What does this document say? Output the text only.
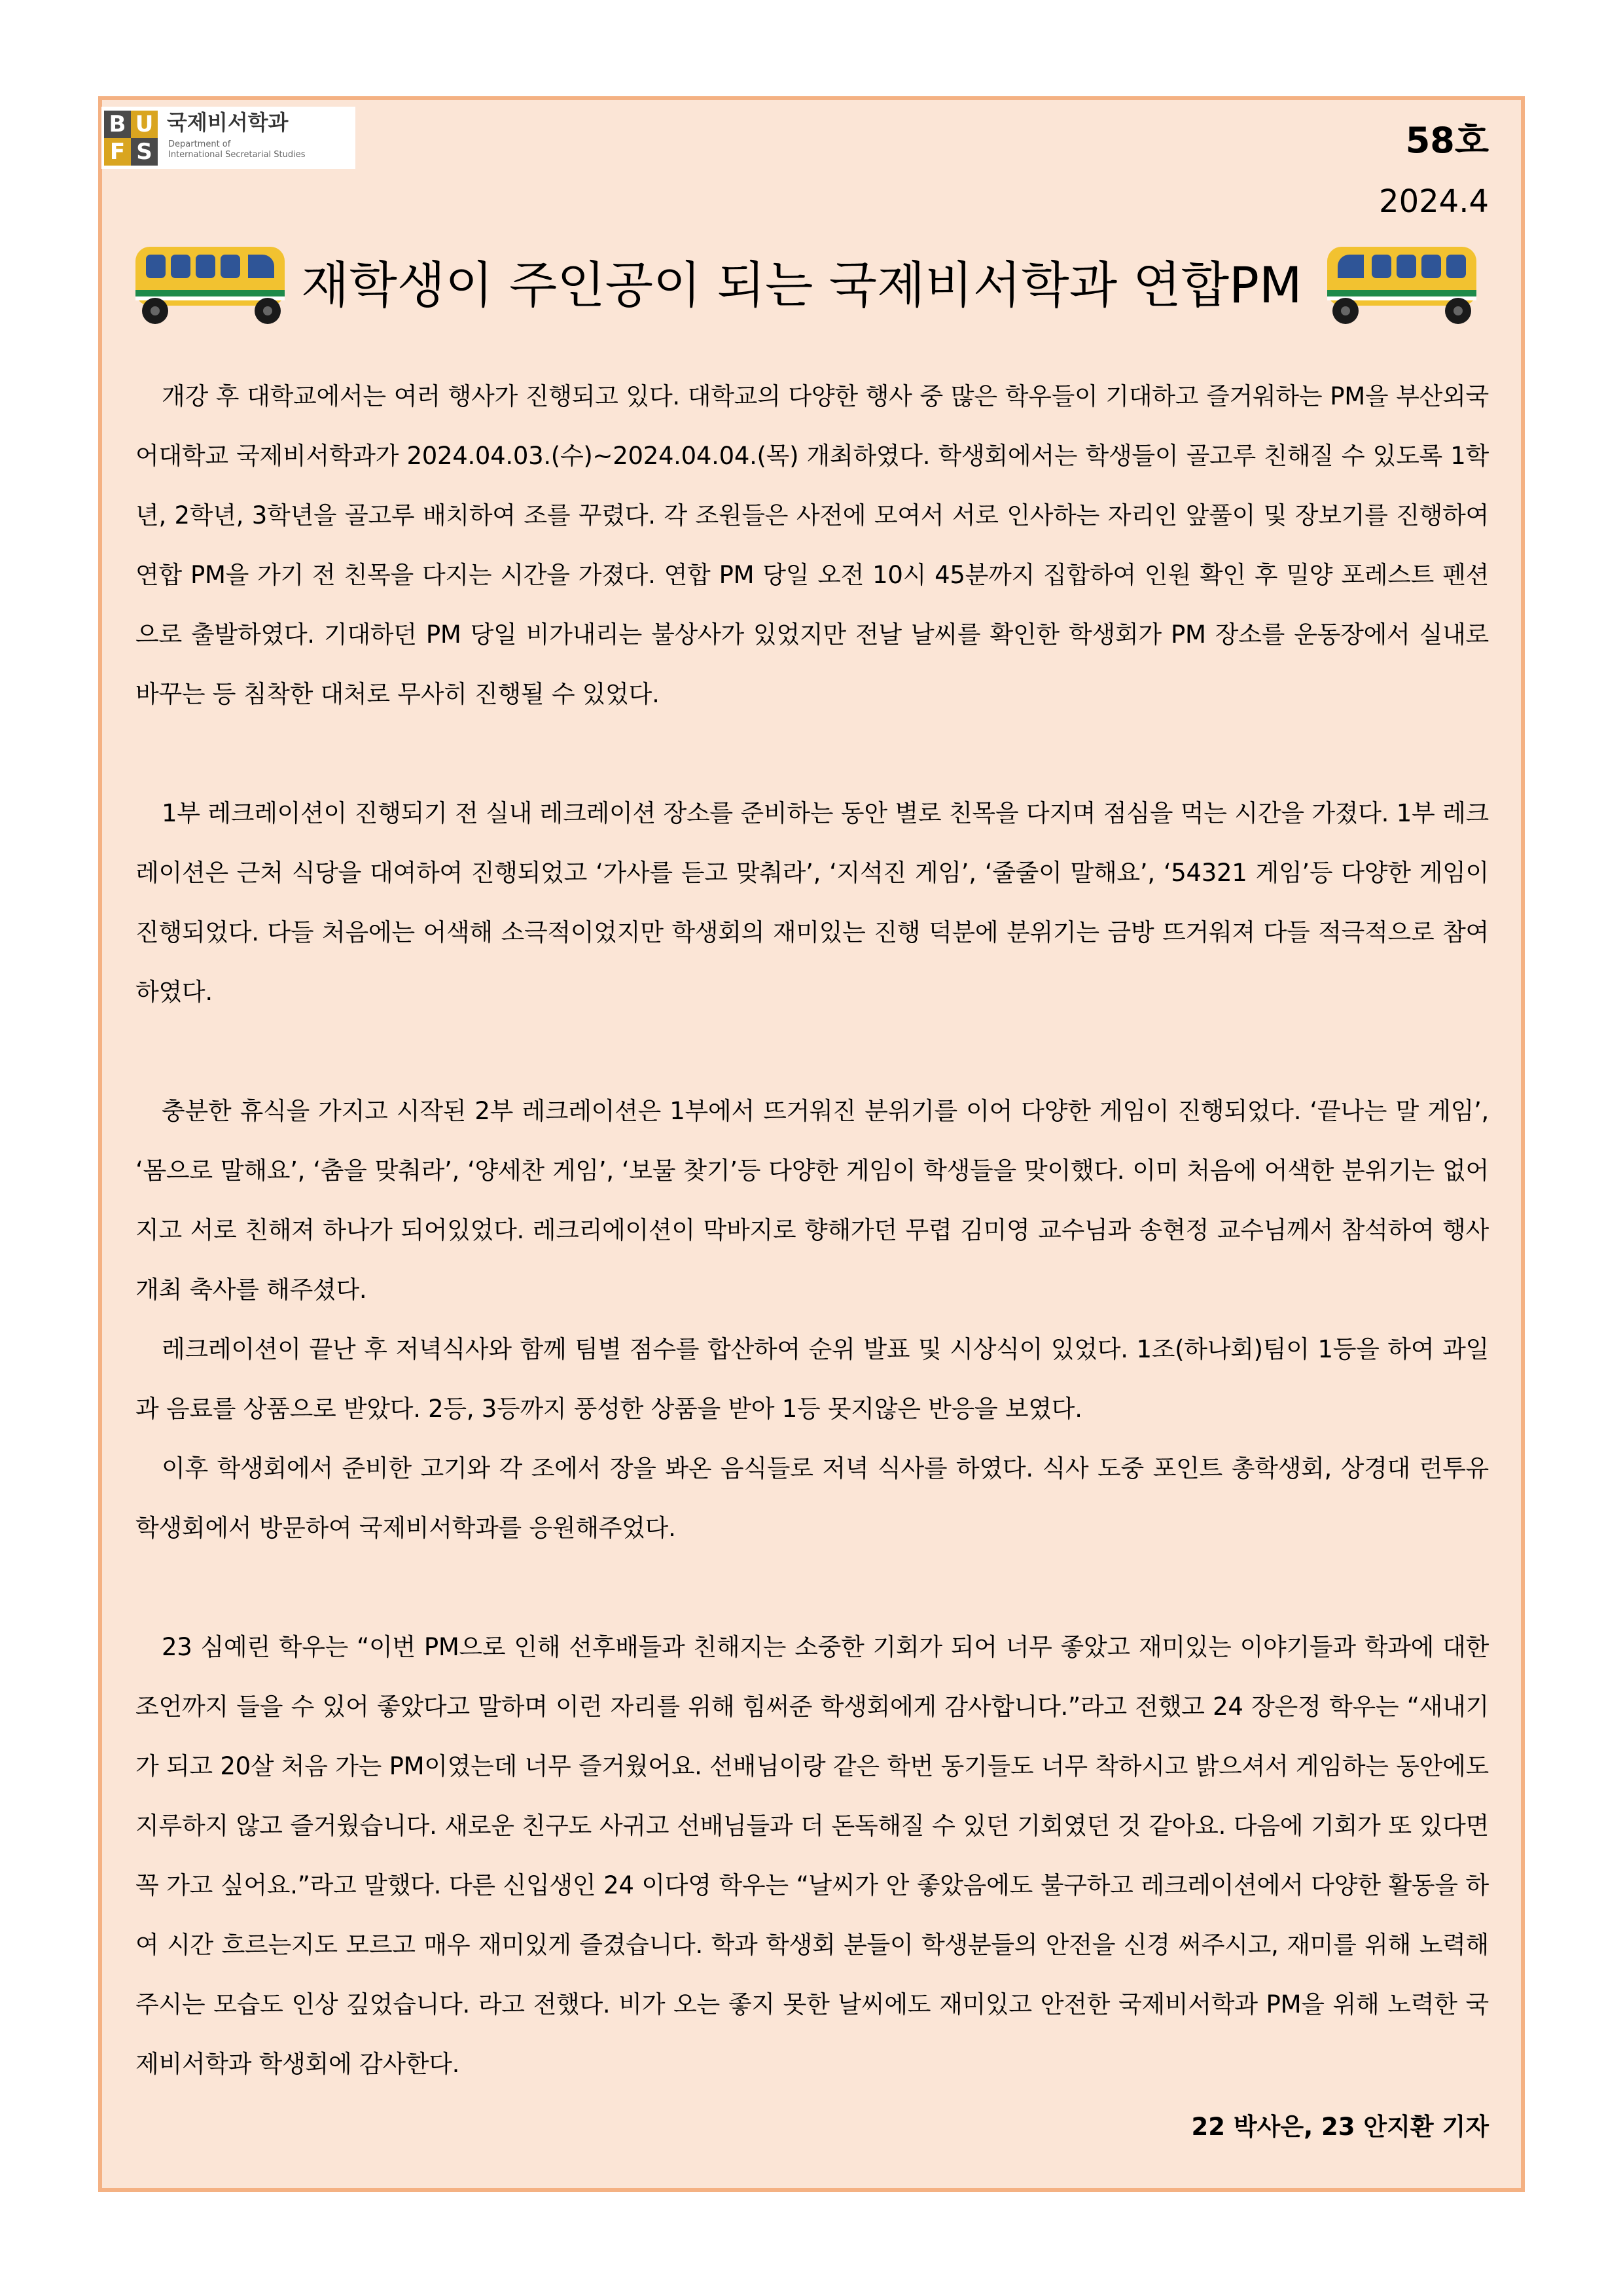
B U
F S
국제비서학과
Department of
International Secretarial Studies	58호
2024.4
재학생이 주인공이 되는 국제비서학과 연합PM

개강 후 대학교에서는 여러 행사가 진행되고 있다. 대학교의 다양한 행사 중 많은 학우들이 기대하고 즐거워하는 PM을 부산외국어대학교 국제비서학과가 2024.04.03.(수)~2024.04.04.(목) 개최하였다. 학생회에서는 학생들이 골고루 친해질 수 있도록 1학년, 2학년, 3학년을 골고루 배치하여 조를 꾸렸다. 각 조원들은 사전에 모여서 서로 인사하는 자리인 앞풀이 및 장보기를 진행하여 연합 PM을 가기 전 친목을 다지는 시간을 가졌다. 연합 PM 당일 오전 10시 45분까지 집합하여 인원 확인 후 밀양 포레스트 펜션으로 출발하였다. 기대하던 PM 당일 비가내리는 불상사가 있었지만 전날 날씨를 확인한 학생회가 PM 장소를 운동장에서 실내로 바꾸는 등 침착한 대처로 무사히 진행될 수 있었다.

1부 레크레이션이 진행되기 전 실내 레크레이션 장소를 준비하는 동안 별로 친목을 다지며 점심을 먹는 시간을 가졌다. 1부 레크레이션은 근처 식당을 대여하여 진행되었고 ‘가사를 듣고 맞춰라’, ‘지석진 게임’, ‘줄줄이 말해요’, ‘54321 게임’등 다양한 게임이 진행되었다. 다들 처음에는 어색해 소극적이었지만 학생회의 재미있는 진행 덕분에 분위기는 금방 뜨거워져 다들 적극적으로 참여하였다.

충분한 휴식을 가지고 시작된 2부 레크레이션은 1부에서 뜨거워진 분위기를 이어 다양한 게임이 진행되었다. ‘끝나는 말 게임’, ‘몸으로 말해요’, ‘춤을 맞춰라’, ‘양세찬 게임’, ‘보물 찾기’등 다양한 게임이 학생들을 맞이했다. 이미 처음에 어색한 분위기는 없어지고 서로 친해져 하나가 되어있었다. 레크리에이션이 막바지로 향해가던 무렵 김미영 교수님과 송현정 교수님께서 참석하여 행사 개최 축사를 해주셨다.

레크레이션이 끝난 후 저녁식사와 함께 팀별 점수를 합산하여 순위 발표 및 시상식이 있었다. 1조(하나회)팀이 1등을 하여 과일과 음료를 상품으로 받았다. 2등, 3등까지 풍성한 상품을 받아 1등 못지않은 반응을 보였다.

이후 학생회에서 준비한 고기와 각 조에서 장을 봐온 음식들로 저녁 식사를 하였다. 식사 도중 포인트 총학생회, 상경대 런투유 학생회에서 방문하여 국제비서학과를 응원해주었다.

23 심예린 학우는 “이번 PM으로 인해 선후배들과 친해지는 소중한 기회가 되어 너무 좋았고 재미있는 이야기들과 학과에 대한 조언까지 들을 수 있어 좋았다고 말하며 이런 자리를 위해 힘써준 학생회에게 감사합니다.”라고 전했고 24 장은정 학우는 “새내기가 되고 20살 처음 가는 PM이였는데 너무 즐거웠어요. 선배님이랑 같은 학번 동기들도 너무 착하시고 밝으셔서 게임하는 동안에도 지루하지 않고 즐거웠습니다. 새로운 친구도 사귀고 선배님들과 더 돈독해질 수 있던 기회였던 것 같아요. 다음에 기회가 또 있다면 꼭 가고 싶어요.”라고 말했다. 다른 신입생인 24 이다영 학우는 “날씨가 안 좋았음에도 불구하고 레크레이션에서 다양한 활동을 하여 시간 흐르는지도 모르고 매우 재미있게 즐겼습니다. 학과 학생회 분들이 학생분들의 안전을 신경 써주시고, 재미를 위해 노력해 주시는 모습도 인상 깊었습니다. 라고 전했다. 비가 오는 좋지 못한 날씨에도 재미있고 안전한 국제비서학과 PM을 위해 노력한 국제비서학과 학생회에 감사한다.

22 박사은, 23 안지환 기자
